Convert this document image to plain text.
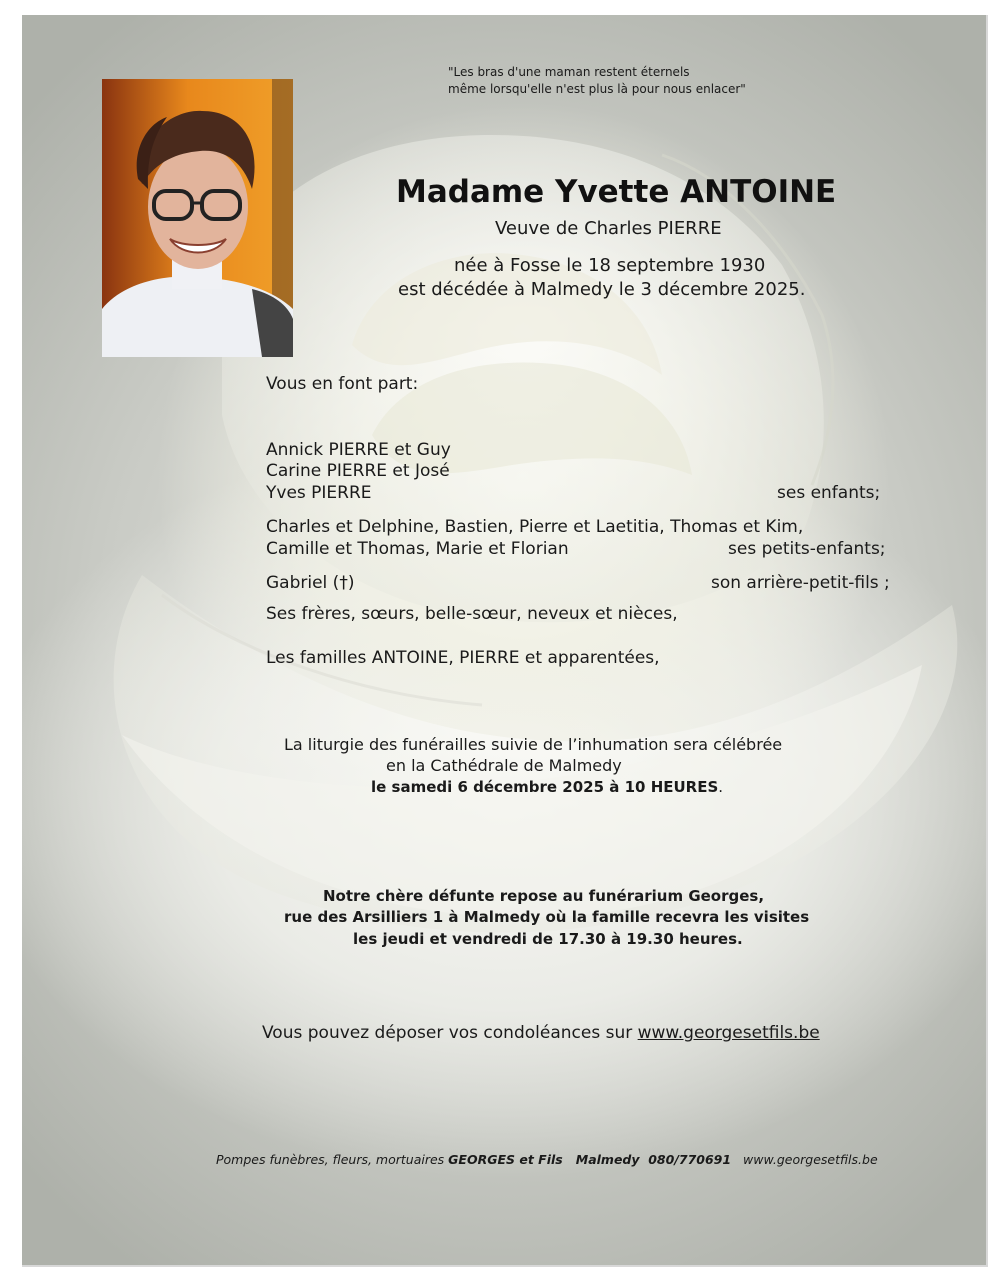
"Les bras d'une maman restent éternels
même lorsqu'elle n'est plus là pour nous enlacer"
Madame Yvette ANTOINE
Veuve de Charles PIERRE
née à Fosse le 18 septembre 1930
est décédée à Malmedy le 3 décembre 2025.
Vous en font part:
Annick PIERRE et Guy
Carine PIERRE et José
Yves PIERRE	ses enfants;
Charles et Delphine, Bastien, Pierre et Laetitia, Thomas et Kim,
Camille et Thomas, Marie et Florian	ses petits-enfants;
Gabriel (†)	son arrière-petit-fils ;
Ses frères, sœurs, belle-sœur, neveux et nièces,
Les familles ANTOINE, PIERRE et apparentées,
La liturgie des funérailles suivie de l’inhumation sera célébrée
en la Cathédrale de Malmedy
le samedi 6 décembre 2025 à 10 HEURES.
Notre chère défunte repose au funérarium Georges,
rue des Arsilliers 1 à Malmedy où la famille recevra les visites
les jeudi et vendredi de 17.30 à 19.30 heures.
Vous pouvez déposer vos condoléances sur www.georgesetfils.be
Pompes funèbres, fleurs, mortuaires GEORGES et Fils   Malmedy  080/770691   www.georgesetfils.be
